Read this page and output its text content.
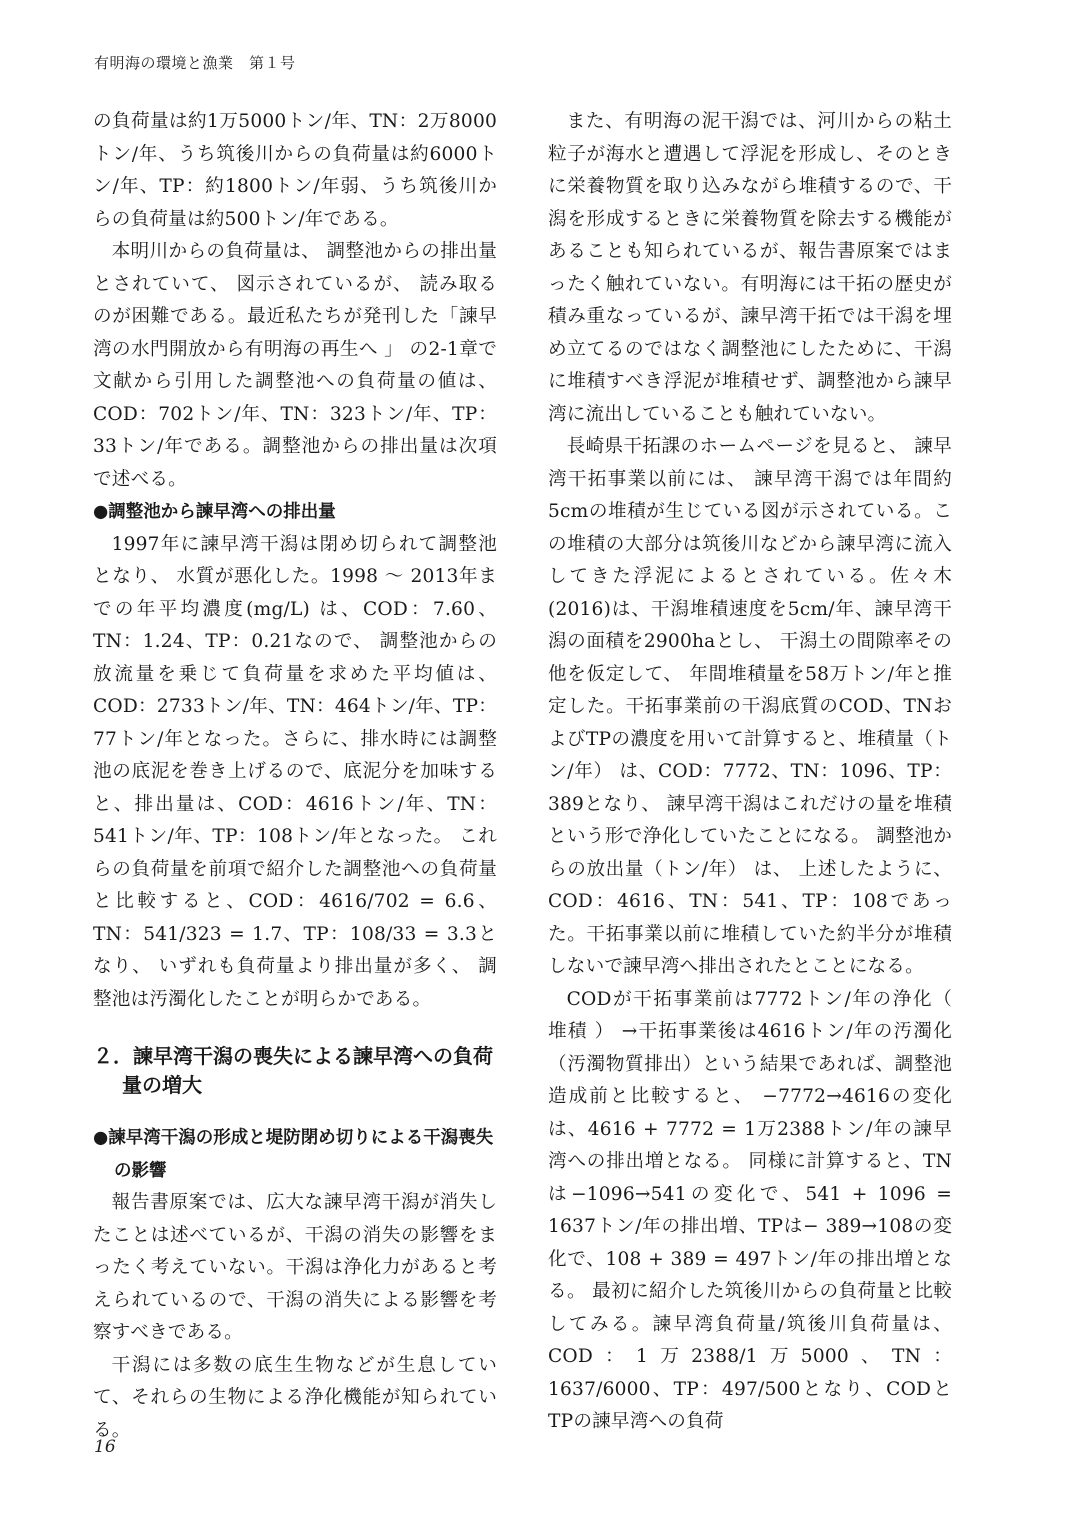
有明海の環境と漁業　第１号

の負荷量は約1万5000トン/年、TN：2万8000トン/年、うち筑後川からの負荷量は約6000トン/年、TP：約1800トン/年弱、うち筑後川からの負荷量は約500トン/年である。

本明川からの負荷量は、 調整池からの排出量とされていて、 図示されているが、 読み取るのが困難である。最近私たちが発刊した「諫早湾の水門開放から有明海の再生へ 」 の2-1章で文献から引用した調整池への負荷量の値は、COD：702トン/年、TN：323トン/年、TP：33トン/年である。調整池からの排出量は次項で述べる。

●調整池から諫早湾への排出量

1997年に諫早湾干潟は閉め切られて調整池となり、 水質が悪化した。1998 ～ 2013年までの年平均濃度(mg/L) は、COD：7.60、TN：1.24、TP：0.21なので、 調整池からの放流量を乗じて負荷量を求めた平均値は、COD：2733トン/年、TN：464トン/年、TP：77トン/年となった。さらに、排水時には調整池の底泥を巻き上げるので、底泥分を加味すると、排出量は、COD：4616トン/年、TN：541トン/年、TP：108トン/年となった。 これらの負荷量を前項で紹介した調整池への負荷量と比較すると、COD：4616/702 = 6.6、TN：541/323 = 1.7、TP：108/33 = 3.3となり、 いずれも負荷量より排出量が多く、 調整池は汚濁化したことが明らかである。

２．諫早湾干潟の喪失による諫早湾への負荷量の増大

●諫早湾干潟の形成と堤防閉め切りによる干潟喪失の影響

報告書原案では、広大な諫早湾干潟が消失したことは述べているが、干潟の消失の影響をまったく考えていない。干潟は浄化力があると考えられているので、干潟の消失による影響を考察すべきである。

干潟には多数の底生生物などが生息していて、それらの生物による浄化機能が知られている。

また、有明海の泥干潟では、河川からの粘土粒子が海水と遭遇して浮泥を形成し、そのときに栄養物質を取り込みながら堆積するので、干潟を形成するときに栄養物質を除去する機能があることも知られているが、報告書原案ではまったく触れていない。有明海には干拓の歴史が積み重なっているが、諫早湾干拓では干潟を埋め立てるのではなく調整池にしたために、干潟に堆積すべき浮泥が堆積せず、調整池から諫早湾に流出していることも触れていない。

長崎県干拓課のホームページを見ると、 諫早湾干拓事業以前には、 諫早湾干潟では年間約5cmの堆積が生じている図が示されている。この堆積の大部分は筑後川などから諫早湾に流入してきた浮泥によるとされている。佐々木(2016)は、干潟堆積速度を5cm/年、諫早湾干潟の面積を2900haとし、 干潟土の間隙率その他を仮定して、 年間堆積量を58万トン/年と推定した。干拓事業前の干潟底質のCOD、TNおよびTPの濃度を用いて計算すると、堆積量（トン/年） は、COD：7772、TN：1096、TP：389となり、 諫早湾干潟はこれだけの量を堆積という形で浄化していたことになる。 調整池からの放出量（トン/年） は、 上述したように、COD：4616、TN：541、TP：108であった。干拓事業以前に堆積していた約半分が堆積しないで諫早湾へ排出されたとことになる。

CODが干拓事業前は7772トン/年の浄化（ 堆積 ） →干拓事業後は4616トン/年の汚濁化（汚濁物質排出）という結果であれば、調整池造成前と比較すると、 −7772→4616の変化は、4616 + 7772 = 1万2388トン/年の諫早湾への排出増となる。 同様に計算すると、TNは−1096→541の変化で、541 + 1096 = 1637トン/年の排出増、TPは− 389→108の変化で、108 + 389 = 497トン/年の排出増となる。 最初に紹介した筑後川からの負荷量と比較してみる。諫早湾負荷量/筑後川負荷量は、COD：1万2388/1万5000、TN：1637/6000、TP：497/500となり、CODとTPの諫早湾への負荷

16
